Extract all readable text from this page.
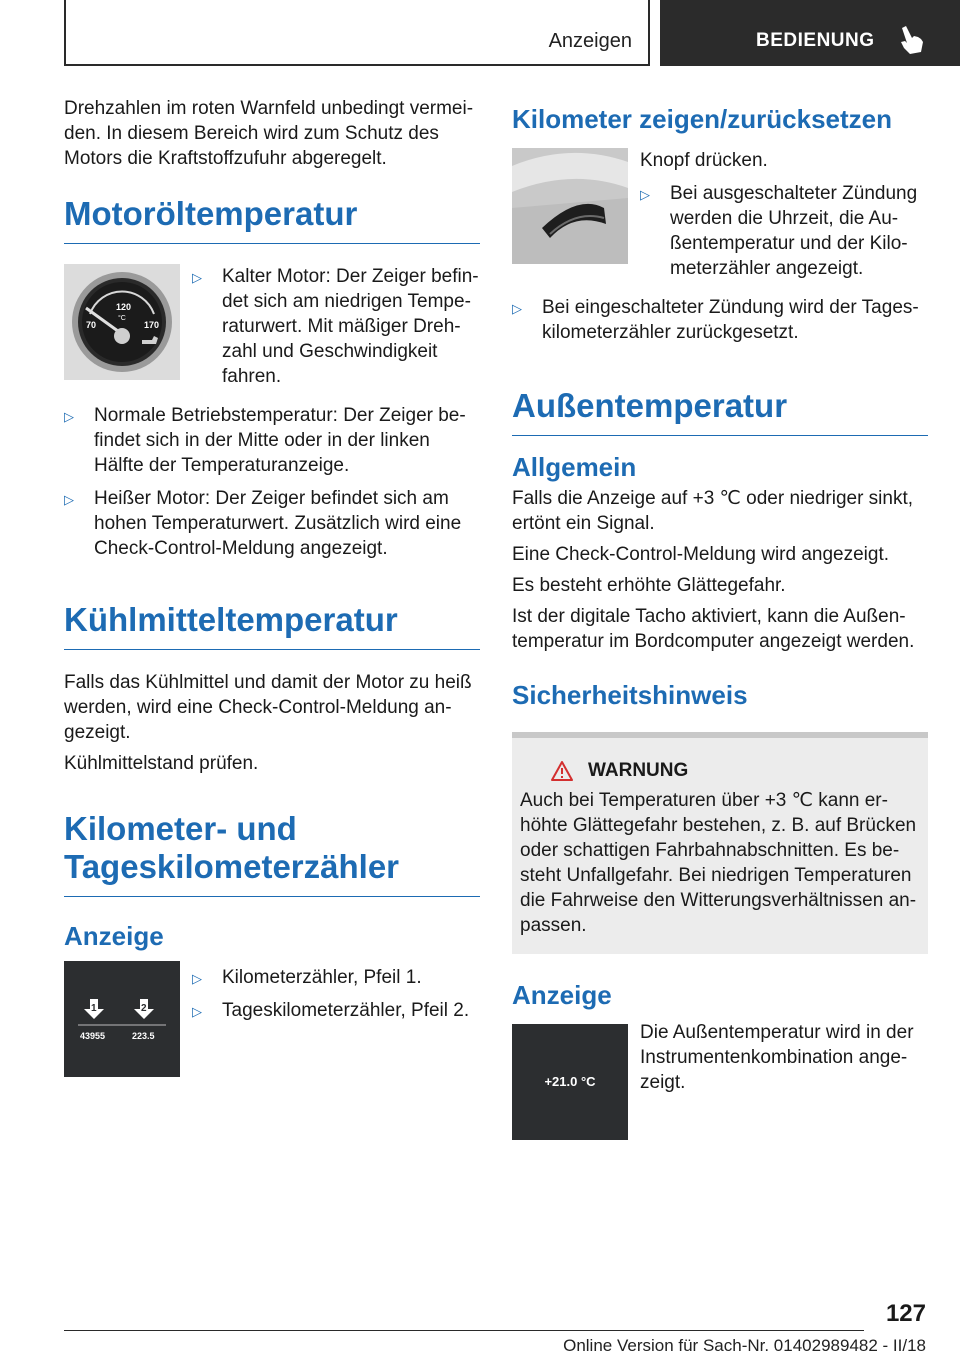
Anzeigen	BEDIENUNG

Drehzahlen im roten Warnfeld unbedingt vermei-den. In diesem Bereich wird zum Schutz des Motors die Kraftstoffzufuhr abgeregelt.

Motoröltemperatur
120
°C
70	170
▷	Kalter Motor: Der Zeiger befin-det sich am niedrigen Tempe-raturwert. Mit mäßiger Dreh-zahl und Geschwindigkeit fahren.
▷	Normale Betriebstemperatur: Der Zeiger be-findet sich in der Mitte oder in der linken Hälfte der Temperaturanzeige.
▷	Heißer Motor: Der Zeiger befindet sich am hohen Temperaturwert. Zusätzlich wird eine Check-Control-Meldung angezeigt.
Kühlmitteltemperatur

Falls das Kühlmittel und damit der Motor zu heiß werden, wird eine Check-Control-Meldung an-gezeigt.

Kühlmittelstand prüfen.

Kilometer- und
Tageskilometerzähler
Anzeige
1	2
43955	223.5
▷	Kilometerzähler, Pfeil 1.
▷	Tageskilometerzähler, Pfeil 2.
Kilometer zeigen/zurücksetzen

Knopf drücken.

▷	Bei ausgeschalteter Zündung werden die Uhrzeit, die Au-ßentemperatur und der Kilo-meterzähler angezeigt.
▷	Bei eingeschalteter Zündung wird der Tages-kilometerzähler zurückgesetzt.
Außentemperatur
Allgemein

Falls die Anzeige auf +3 ℃ oder niedriger sinkt, ertönt ein Signal.

Eine Check-Control-Meldung wird angezeigt.

Es besteht erhöhte Glättegefahr.

Ist der digitale Tacho aktiviert, kann die Außen-temperatur im Bordcomputer angezeigt werden.

Sicherheitshinweis
WARNUNG

Auch bei Temperaturen über +3 ℃ kann er-höhte Glättegefahr bestehen, z. B. auf Brücken oder schattigen Fahrbahnabschnitten. Es be-steht Unfallgefahr. Bei niedrigen Temperaturen die Fahrweise den Witterungsverhältnissen an-passen.

Anzeige
+21.0 °C

Die Außentemperatur wird in der Instrumentenkombination ange-zeigt.

127
Online Version für Sach-Nr. 01402989482 - II/18
